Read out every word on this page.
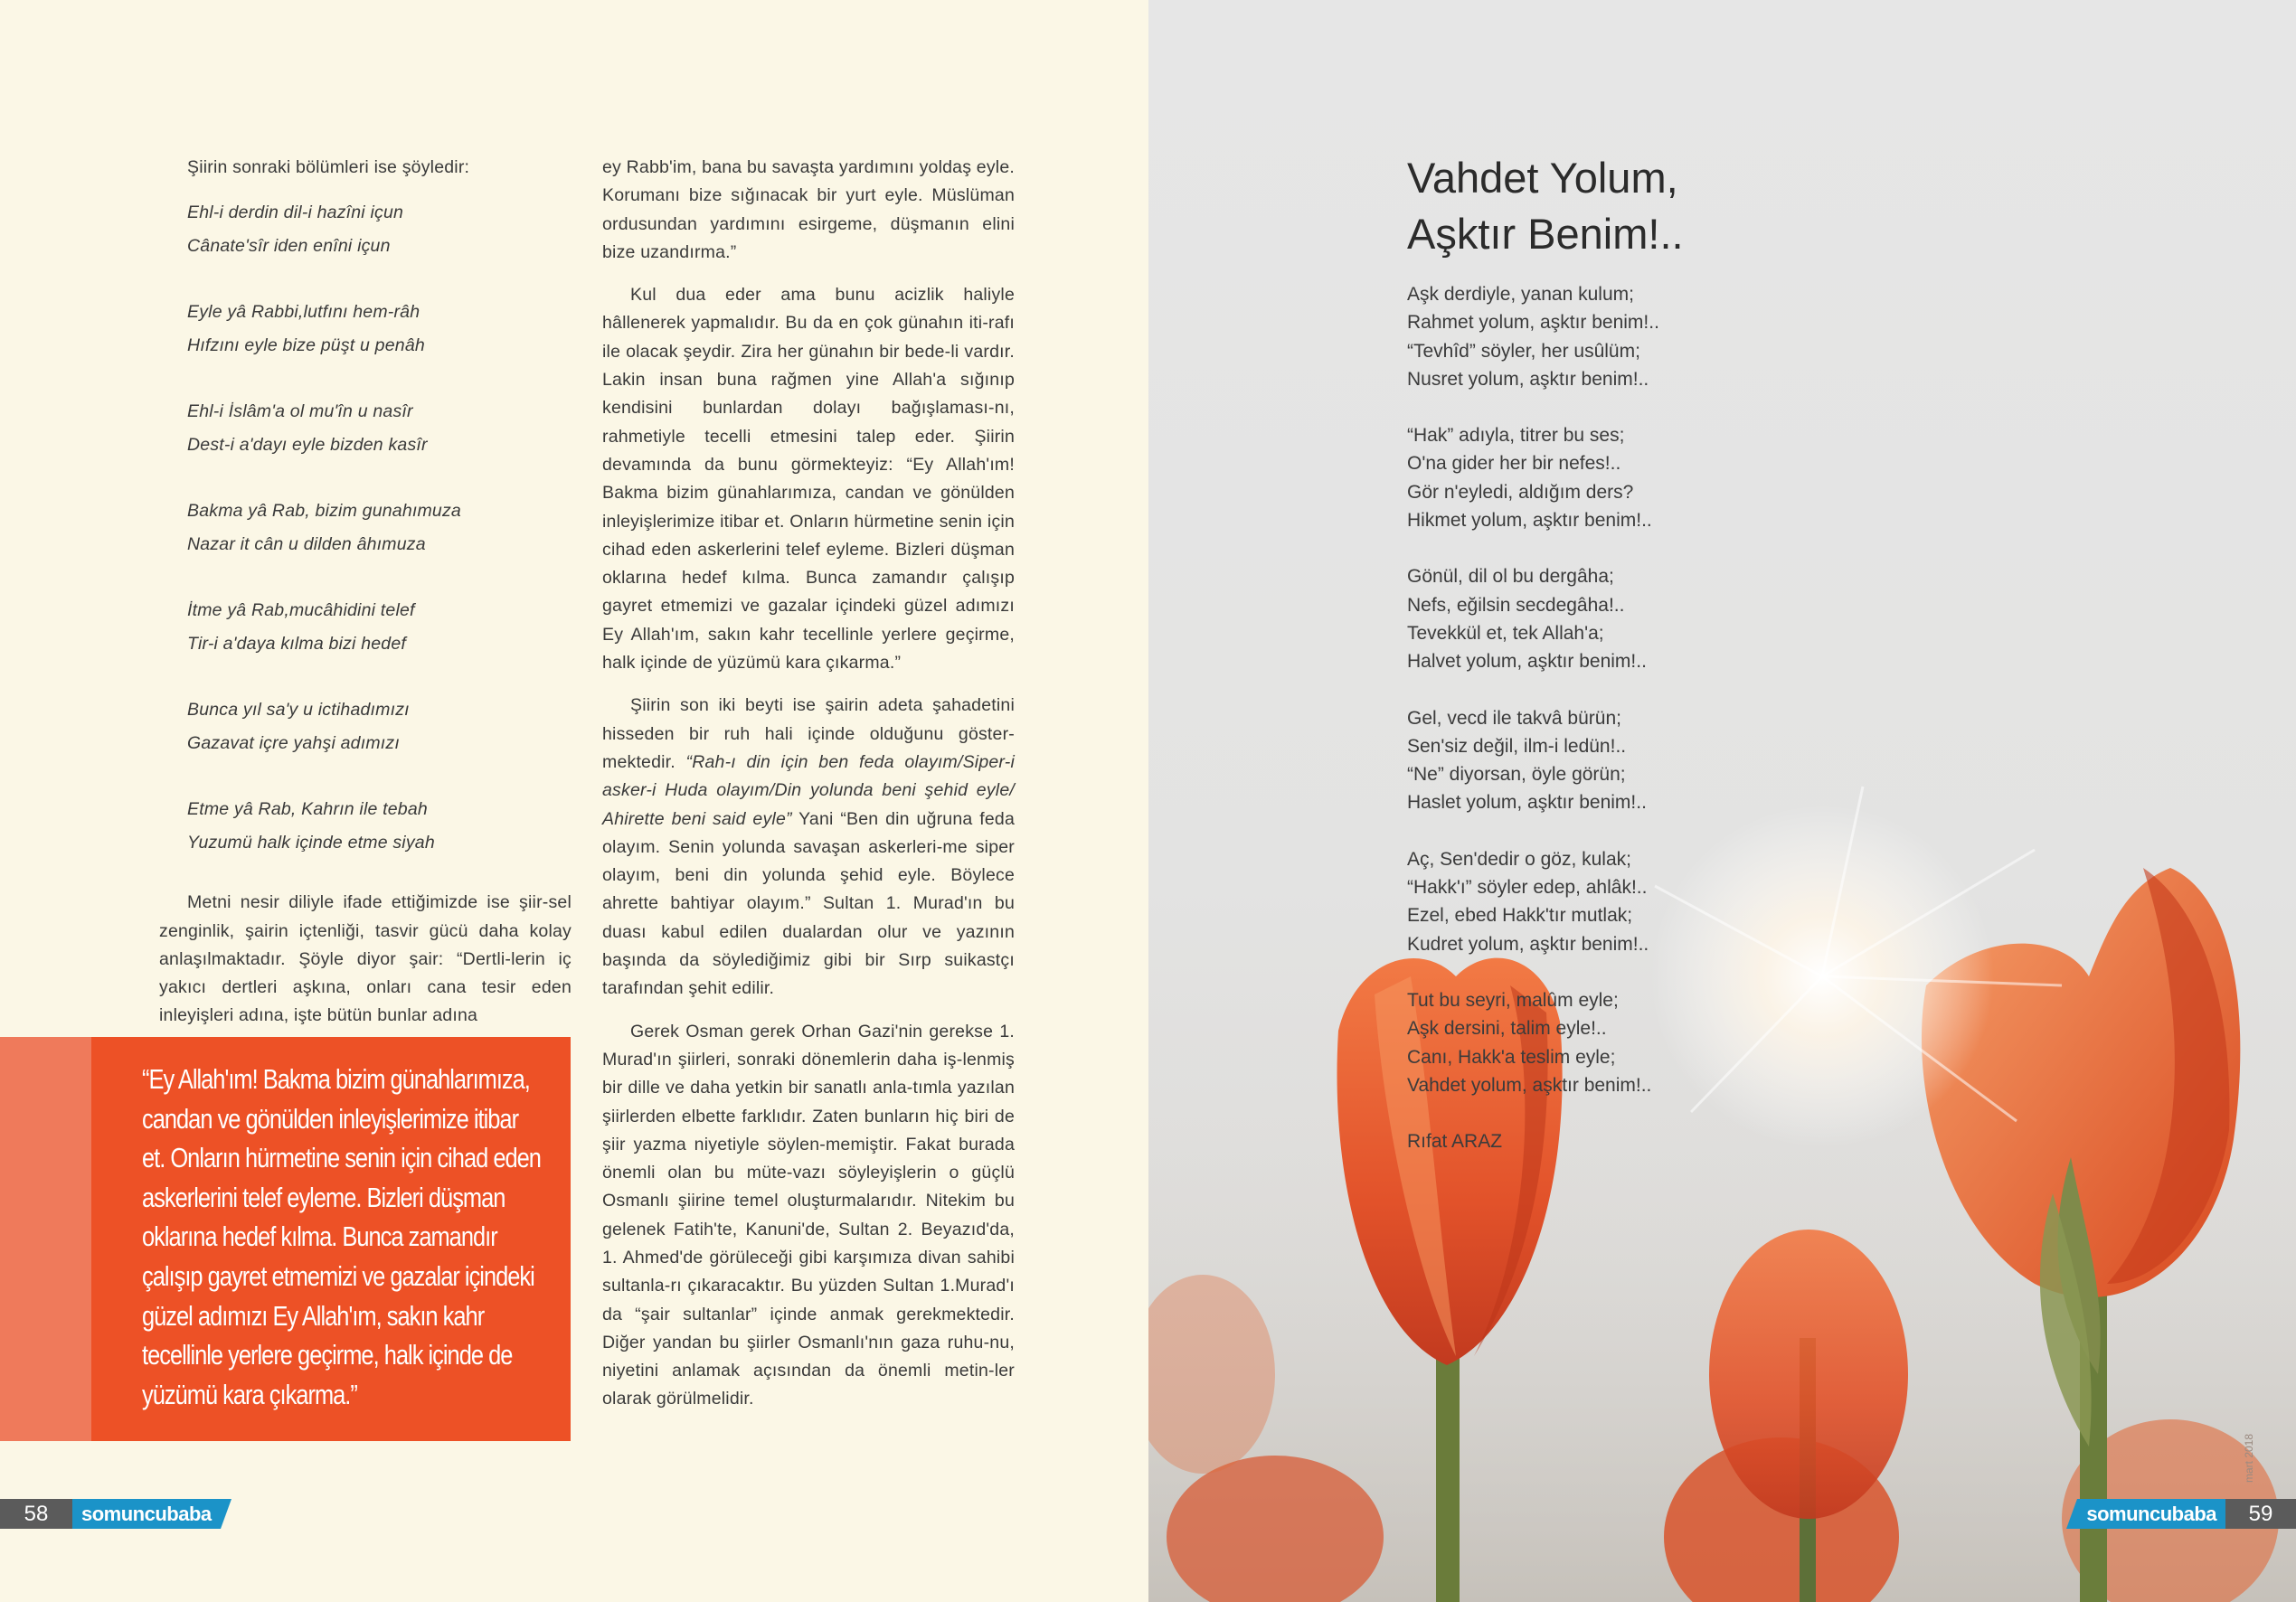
Şiirin sonraki bölümleri ise şöyledir:

Ehl-i derdin dil-i hazîni içun
Cânate'sîr iden enîni içun
Eyle yâ Rabbi,lutfını hem-râh
Hıfzını eyle bize püşt u penâh
Ehl-i İslâm'a ol mu'în u nasîr
Dest-i a'dayı eyle bizden kasîr
Bakma yâ Rab, bizim gunahımuza
Nazar it cân u dilden âhımuza
İtme yâ Rab,mucâhidini telef
Tir-i a'daya kılma bizi hedef
Bunca yıl sa'y u ictihadımızı
Gazavat içre yahşi adımızı
Etme yâ Rab, Kahrın ile tebah
Yuzumü halk içinde etme siyah

Metni nesir diliyle ifade ettiğimizde ise şiir-sel zenginlik, şairin içtenliği, tasvir gücü daha kolay anlaşılmaktadır. Şöyle diyor şair: “Dertli-lerin iç yakıcı dertleri aşkına, onları cana tesir eden inleyişleri adına, işte bütün bunlar adına

ey Rabb'im, bana bu savaşta yardımını yoldaş eyle. Korumanı bize sığınacak bir yurt eyle. Müslüman ordusundan yardımını esirgeme, düşmanın elini bize uzandırma.”

Kul dua eder ama bunu acizlik haliyle hâllenerek yapmalıdır. Bu da en çok günahın iti-rafı ile olacak şeydir. Zira her günahın bir bede-li vardır. Lakin insan buna rağmen yine Allah'a sığınıp kendisini bunlardan dolayı bağışlaması-nı, rahmetiyle tecelli etmesini talep eder. Şiirin devamında da bunu görmekteyiz: “Ey Allah'ım! Bakma bizim günahlarımıza, candan ve gönülden inleyişlerimize itibar et. Onların hürmetine senin için cihad eden askerlerini telef eyleme. Bizleri düşman oklarına hedef kılma. Bunca zamandır çalışıp gayret etmemizi ve gazalar içindeki güzel adımızı Ey Allah'ım, sakın kahr tecellinle yerlere geçirme, halk içinde de yüzümü kara çıkarma.”

Şiirin son iki beyti ise şairin adeta şahadetini hisseden bir ruh hali içinde olduğunu göster-mektedir. “Rah-ı din için ben feda olayım/Siper-i asker-i Huda olayım/Din yolunda beni şehid eyle/ Ahirette beni said eyle” Yani “Ben din uğruna feda olayım. Senin yolunda savaşan askerleri-me siper olayım, beni din yolunda şehid eyle. Böylece ahrette bahtiyar olayım.” Sultan 1. Murad'ın bu duası kabul edilen dualardan olur ve yazının başında da söylediğimiz gibi bir Sırp suikastçı tarafından şehit edilir.

Gerek Osman gerek Orhan Gazi'nin gerekse 1. Murad'ın şiirleri, sonraki dönemlerin daha iş-lenmiş bir dille ve daha yetkin bir sanatlı anla-tımla yazılan şiirlerden elbette farklıdır. Zaten bunların hiç biri de şiir yazma niyetiyle söylen-memiştir. Fakat burada önemli olan bu müte-vazı söyleyişlerin o güçlü Osmanlı şiirine temel oluşturmalarıdır. Nitekim bu gelenek Fatih'te, Kanuni'de, Sultan 2. Beyazıd'da, 1. Ahmed'de görüleceği gibi karşımıza divan sahibi sultanla-rı çıkaracaktır. Bu yüzden Sultan 1.Murad'ı da “şair sultanlar” içinde anmak gerekmektedir. Diğer yandan bu şiirler Osmanlı'nın gaza ruhu-nu, niyetini anlamak açısından da önemli metin-ler olarak görülmelidir.

“Ey Allah'ım! Bakma bizim günahlarımıza, candan ve gönülden inleyişlerimize itibar et. Onların hürmetine senin için cihad eden askerlerini telef eyleme. Bizleri düşman oklarına hedef kılma. Bunca zamandır çalışıp gayret etmemizi ve gazalar içindeki güzel adımızı Ey Allah'ım, sakın kahr tecellinle yerlere geçirme, halk içinde de yüzümü kara çıkarma.”
58	somuncubaba
mart 2018
somuncubaba	59
Vahdet Yolum,
Aşktır Benim!..
Aşk derdiyle, yanan kulum;
Rahmet yolum, aşktır benim!..
“Tevhîd” söyler, her usûlüm;
Nusret yolum, aşktır benim!..
“Hak” adıyla, titrer bu ses;
O'na gider her bir nefes!..
Gör n'eyledi, aldığım ders?
Hikmet yolum, aşktır benim!..
Gönül, dil ol bu dergâha;
Nefs, eğilsin secdegâha!..
Tevekkül et, tek Allah'a;
Halvet yolum, aşktır benim!..
Gel, vecd ile takvâ bürün;
Sen'siz değil, ilm-i ledün!..
“Ne” diyorsan, öyle görün;
Haslet yolum, aşktır benim!..
Aç, Sen'dedir o göz, kulak;
“Hakk'ı” söyler edep, ahlâk!..
Ezel, ebed Hakk'tır mutlak;
Kudret yolum, aşktır benim!..
Tut bu seyri, malûm eyle;
Aşk dersini, talim eyle!..
Canı, Hakk'a teslim eyle;
Vahdet yolum, aşktır benim!..
Rıfat ARAZ
